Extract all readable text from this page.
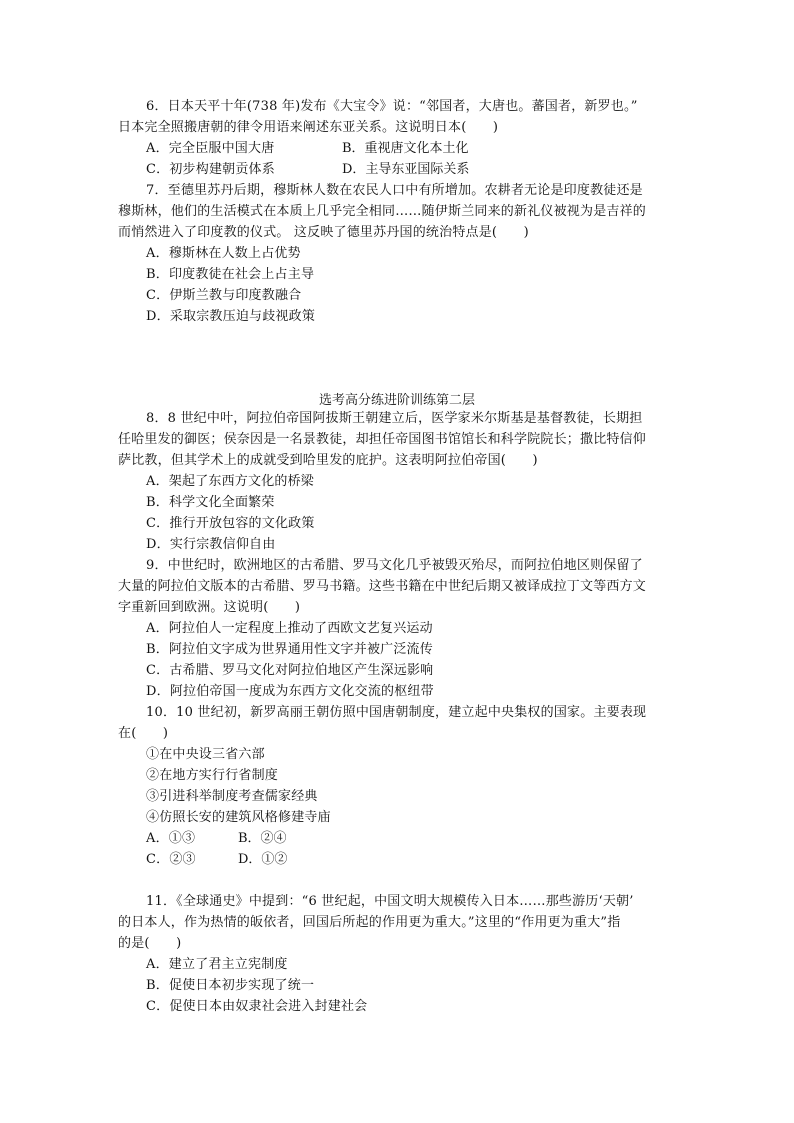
6．日本天平十年(738 年)发布《大宝令》说：“邻国者，大唐也。蕃国者，新罗也。”
日本完全照搬唐朝的律令用语来阐述东亚关系。这说明日本(　　)
A．完全臣服中国大唐	B．重视唐文化本土化
C．初步构建朝贡体系	D．主导东亚国际关系
7．至德里苏丹后期，穆斯林人数在农民人口中有所增加。农耕者无论是印度教徒还是
穆斯林，他们的生活模式在本质上几乎完全相同……随伊斯兰同来的新礼仪被视为是吉祥的
而悄然进入了印度教的仪式。 这反映了德里苏丹国的统治特点是(　　)
A．穆斯林在人数上占优势
B．印度教徒在社会上占主导
C．伊斯兰教与印度教融合
D．采取宗教压迫与歧视政策
选考高分练进阶训练第二层
8．8 世纪中叶，阿拉伯帝国阿拔斯王朝建立后，医学家米尔斯基是基督教徒，长期担
任哈里发的御医；侯奈因是一名景教徒，却担任帝国图书馆馆长和科学院院长；撒比特信仰
萨比教，但其学术上的成就受到哈里发的庇护。这表明阿拉伯帝国(　　)
A．架起了东西方文化的桥梁
B．科学文化全面繁荣
C．推行开放包容的文化政策
D．实行宗教信仰自由
9．中世纪时，欧洲地区的古希腊、罗马文化几乎被毁灭殆尽，而阿拉伯地区则保留了
大量的阿拉伯文版本的古希腊、罗马书籍。这些书籍在中世纪后期又被译成拉丁文等西方文
字重新回到欧洲。这说明(　　)
A．阿拉伯人一定程度上推动了西欧文艺复兴运动
B．阿拉伯文字成为世界通用性文字并被广泛流传
C．古希腊、罗马文化对阿拉伯地区产生深远影响
D．阿拉伯帝国一度成为东西方文化交流的枢纽带
10．10 世纪初，新罗高丽王朝仿照中国唐朝制度，建立起中央集权的国家。主要表现
在(　　)
①在中央设三省六部
②在地方实行行省制度
③引进科举制度考查儒家经典
④仿照长安的建筑风格修建寺庙
A．①③	B．②④
C．②③	D．①②
11．《全球通史》中提到：“6 世纪起，中国文明大规模传入日本……那些游历‘天朝’
的日本人，作为热情的皈依者，回国后所起的作用更为重大。”这里的“作用更为重大”指
的是(　　)
A．建立了君主立宪制度
B．促使日本初步实现了统一
C．促使日本由奴隶社会进入封建社会
